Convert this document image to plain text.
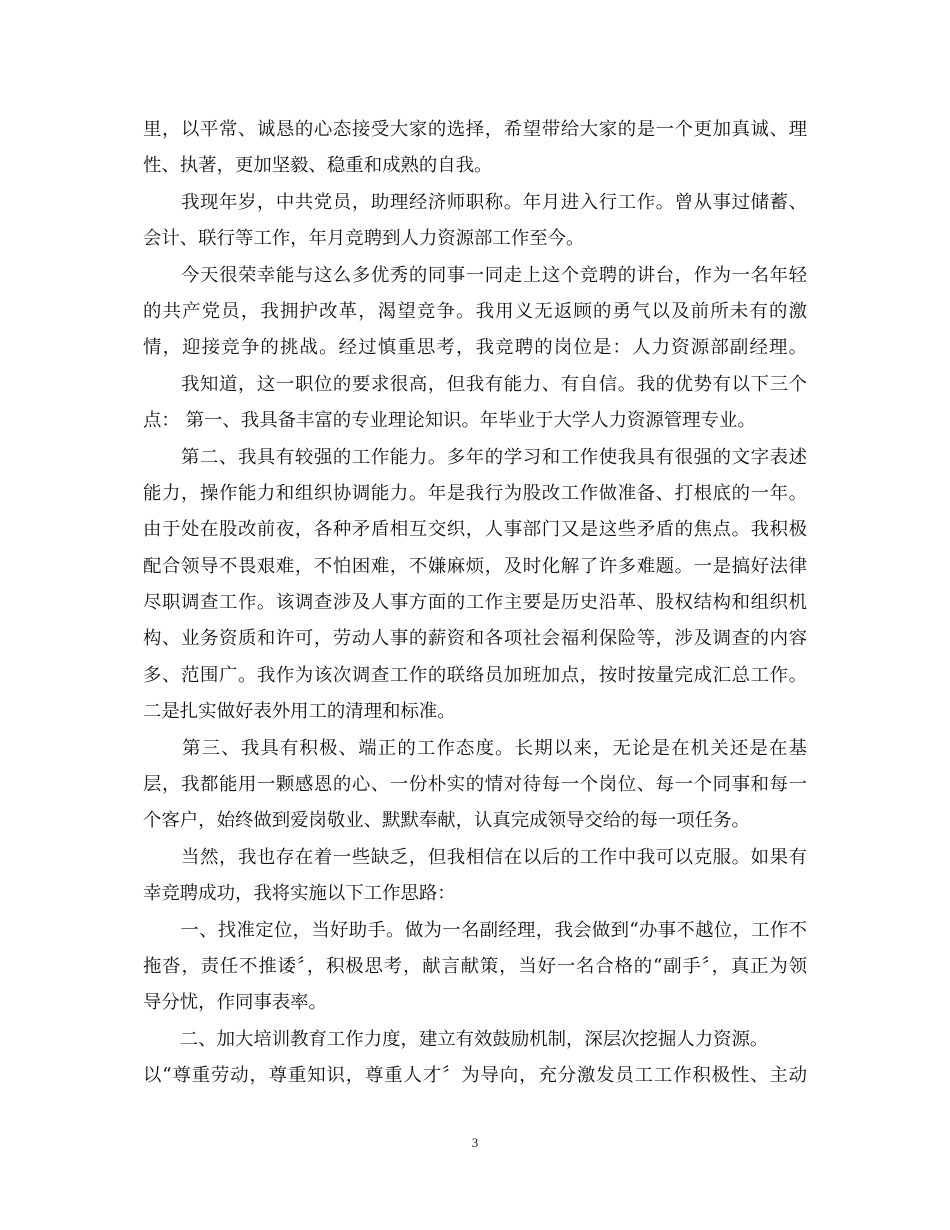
里，以平常、诚恳的心态接受大家的选择，希望带给大家的是一个更加真诚、理
性、执著，更加坚毅、稳重和成熟的自我。
　　我现年岁，中共党员，助理经济师职称。年月进入行工作。曾从事过储蓄、
会计、联行等工作，年月竞聘到人力资源部工作至今。
　　今天很荣幸能与这么多优秀的同事一同走上这个竞聘的讲台，作为一名年轻
的共产党员，我拥护改革，渴望竞争。我用义无返顾的勇气以及前所未有的激
情，迎接竞争的挑战。经过慎重思考，我竞聘的岗位是：人力资源部副经理。
　　我知道，这一职位的要求很高，但我有能力、有自信。我的优势有以下三个
点： 第一、我具备丰富的专业理论知识。年毕业于大学人力资源管理专业。
　　第二、我具有较强的工作能力。多年的学习和工作使我具有很强的文字表述
能力，操作能力和组织协调能力。年是我行为股改工作做准备、打根底的一年。
由于处在股改前夜，各种矛盾相互交织，人事部门又是这些矛盾的焦点。我积极
配合领导不畏艰难，不怕困难，不嫌麻烦，及时化解了许多难题。一是搞好法律
尽职调查工作。该调查涉及人事方面的工作主要是历史沿革、股权结构和组织机
构、业务资质和许可，劳动人事的薪资和各项社会福利保险等，涉及调查的内容
多、范围广。我作为该次调查工作的联络员加班加点，按时按量完成汇总工作。
二是扎实做好表外用工的清理和标准。
　　第三、我具有积极、端正的工作态度。长期以来，无论是在机关还是在基
层，我都能用一颗感恩的心、一份朴实的情对待每一个岗位、每一个同事和每一
个客户，始终做到爱岗敬业、默默奉献，认真完成领导交给的每一项任务。
　　当然，我也存在着一些缺乏，但我相信在以后的工作中我可以克服。如果有
幸竞聘成功，我将实施以下工作思路：
　　一、找准定位，当好助手。做为一名副经理，我会做到“办事不越位，工作不
拖沓，责任不推诿〞，积极思考，献言献策，当好一名合格的“副手〞，真正为领
导分忧，作同事表率。
　　二、加大培训教育工作力度，建立有效鼓励机制，深层次挖掘人力资源。
以“尊重劳动，尊重知识，尊重人才〞为导向，充分激发员工工作积极性、主动
3
